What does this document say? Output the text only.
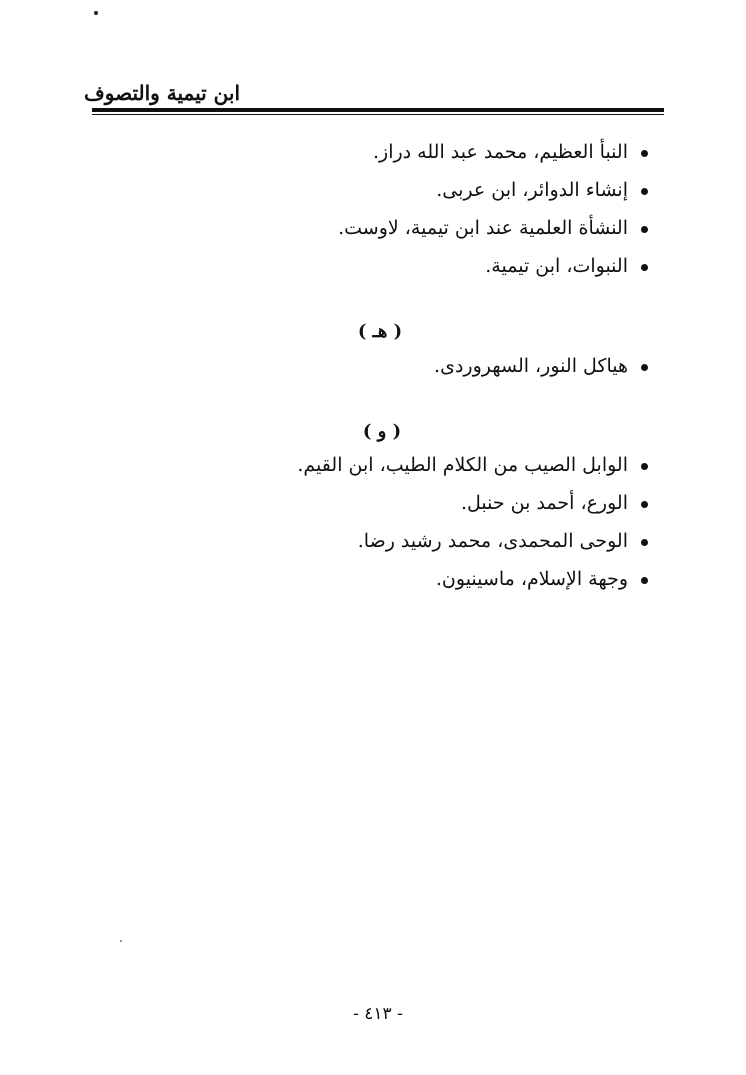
ابن تيمية والتصوف
النبأ العظيم، محمد عبد الله دراز.
إنشاء الدوائر، ابن عربى.
النشأة العلمية عند ابن تيمية، لاوست.
النبوات، ابن تيمية.
( هـ )
هياكل النور، السهروردى.
( و )
الوابل الصيب من الكلام الطيب، ابن القيم.
الورع، أحمد بن حنبل.
الوحى المحمدى، محمد رشيد رضا.
وجهة الإسلام، ماسينيون.
- ٤١٣ -
